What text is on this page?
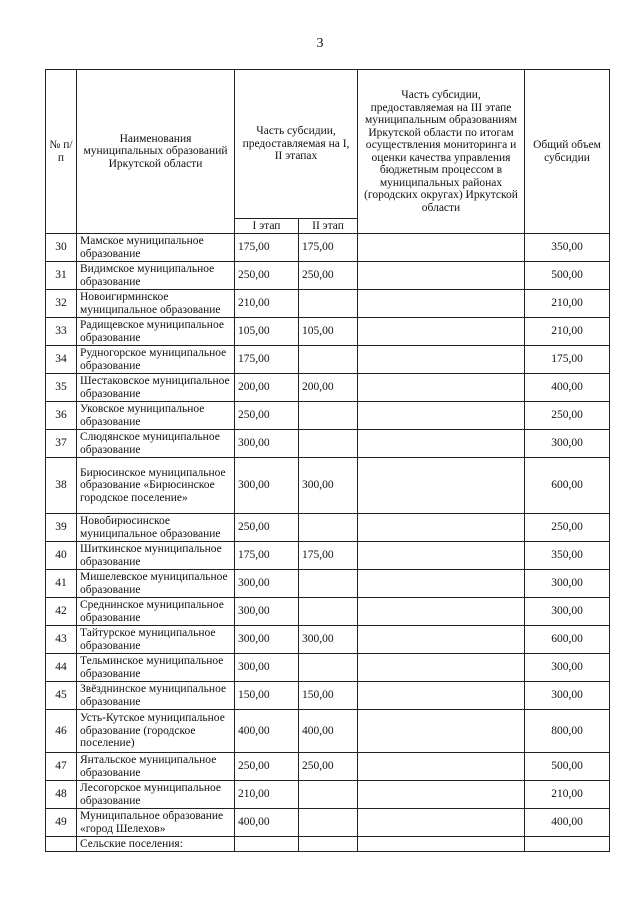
3
№ п/п	Наименования муниципальных образований Иркутской области	Часть субсидии, предоставляемая на I, II этапах		Часть субсидии, предоставляемая на III этапе муниципальным образованиям Иркутской области по итогам осуществления мониторинга и оценки качества управления бюджетным процессом в муниципальных районах (городских округах) Иркутской области	Общий объем субсидии
		I этап	II этап		
30	Мамское муниципальное образование	175,00	175,00		350,00
31	Видимское муниципальное образование	250,00	250,00		500,00
32	Новоигирминское муниципальное образование	210,00			210,00
33	Радищевское муниципальное образование	105,00	105,00		210,00
34	Рудногорское муниципальное образование	175,00			175,00
35	Шестаковское муниципальное образование	200,00	200,00		400,00
36	Уковское муниципальное образование	250,00			250,00
37	Слюдянское муниципальное образование	300,00			300,00
38	Бирюсинское муниципальное образование «Бирюсинское городское поселение»	300,00	300,00		600,00
39	Новобирюсинское муниципальное образование	250,00			250,00
40	Шиткинское муниципальное образование	175,00	175,00		350,00
41	Мишелевское муниципальное образование	300,00			300,00
42	Среднинское муниципальное образование	300,00			300,00
43	Тайтурское муниципальное образование	300,00	300,00		600,00
44	Тельминское муниципальное образование	300,00			300,00
45	Звёзднинское муниципальное образование	150,00	150,00		300,00
46	Усть-Кутское муниципальное образование (городское поселение)	400,00	400,00		800,00
47	Янтальское муниципальное образование	250,00	250,00		500,00
48	Лесогорское муниципальное образование	210,00			210,00
49	Муниципальное образование «город Шелехов»	400,00			400,00
	Сельские поселения:				
